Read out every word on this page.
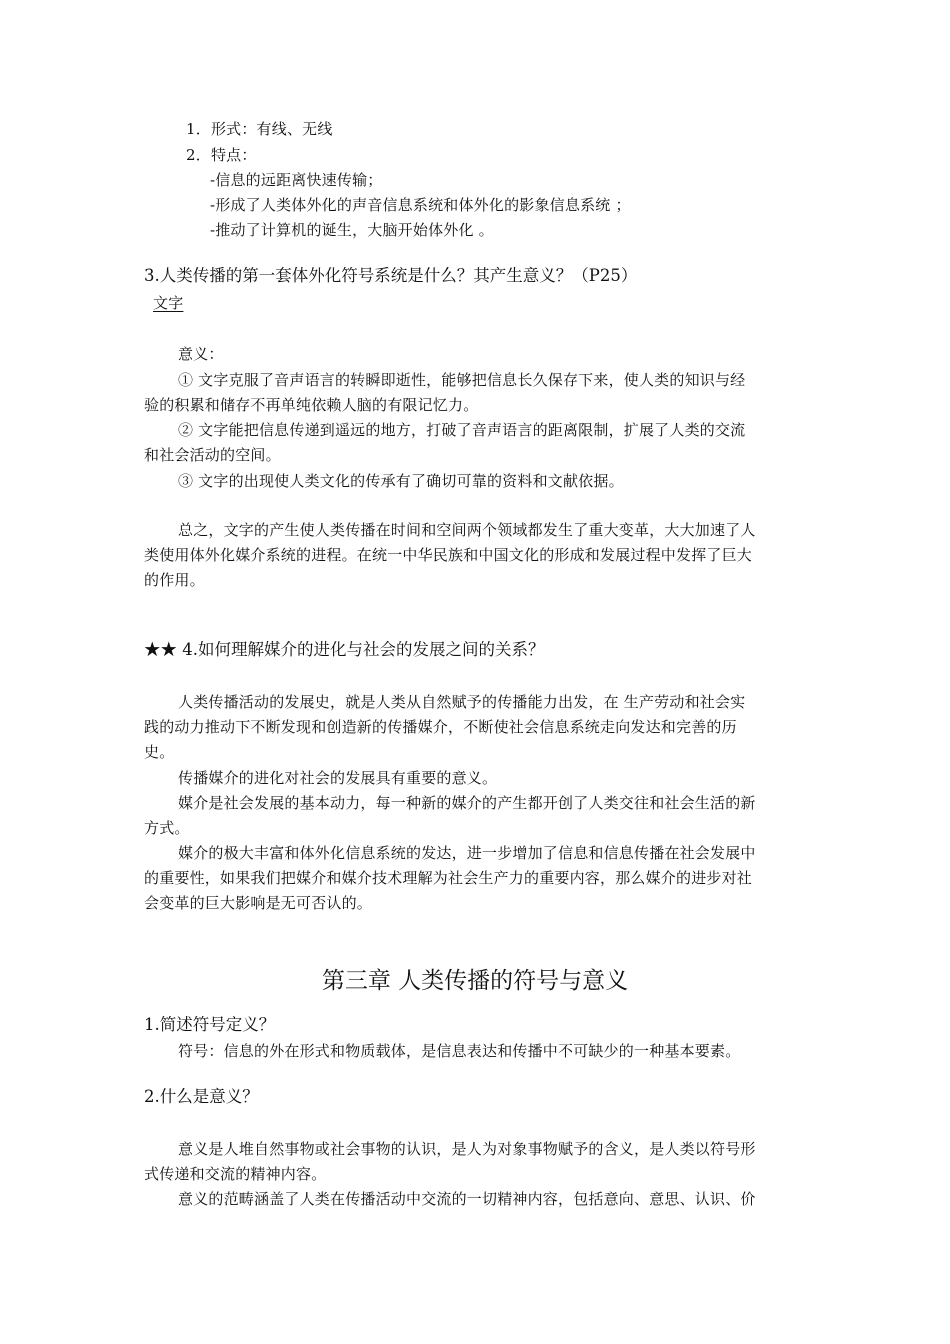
1．形式：有线、无线
2．特点：
-信息的远距离快速传输；
-形成了人类体外化的声音信息系统和体外化的影象信息系统 ；
-推动了计算机的诞生，大脑开始体外化 。
3.人类传播的第一套体外化符号系统是什么？其产生意义？（P25）
文字
意义：
① 文字克服了音声语言的转瞬即逝性，能够把信息长久保存下来，使人类的知识与经
验的积累和储存不再单纯依赖人脑的有限记忆力。
② 文字能把信息传递到遥远的地方，打破了音声语言的距离限制，扩展了人类的交流
和社会活动的空间。
③ 文字的出现使人类文化的传承有了确切可靠的资料和文献依据。
总之，文字的产生使人类传播在时间和空间两个领域都发生了重大变革，大大加速了人
类使用体外化媒介系统的进程。在统一中华民族和中国文化的形成和发展过程中发挥了巨大
的作用。
★★ 4.如何理解媒介的进化与社会的发展之间的关系？
人类传播活动的发展史，就是人类从自然赋予的传播能力出发，在 生产劳动和社会实
践的动力推动下不断发现和创造新的传播媒介，不断使社会信息系统走向发达和完善的历
史。
传播媒介的进化对社会的发展具有重要的意义。
媒介是社会发展的基本动力，每一种新的媒介的产生都开创了人类交往和社会生活的新
方式。
媒介的极大丰富和体外化信息系统的发达，进一步增加了信息和信息传播在社会发展中
的重要性，如果我们把媒介和媒介技术理解为社会生产力的重要内容，那么媒介的进步对社
会变革的巨大影响是无可否认的。
第三章 人类传播的符号与意义
1.简述符号定义？
符号：信息的外在形式和物质载体，是信息表达和传播中不可缺少的一种基本要素。
2.什么是意义？
意义是人堆自然事物或社会事物的认识，是人为对象事物赋予的含义，是人类以符号形
式传递和交流的精神内容。
意义的范畴涵盖了人类在传播活动中交流的一切精神内容，包括意向、意思、认识、价
